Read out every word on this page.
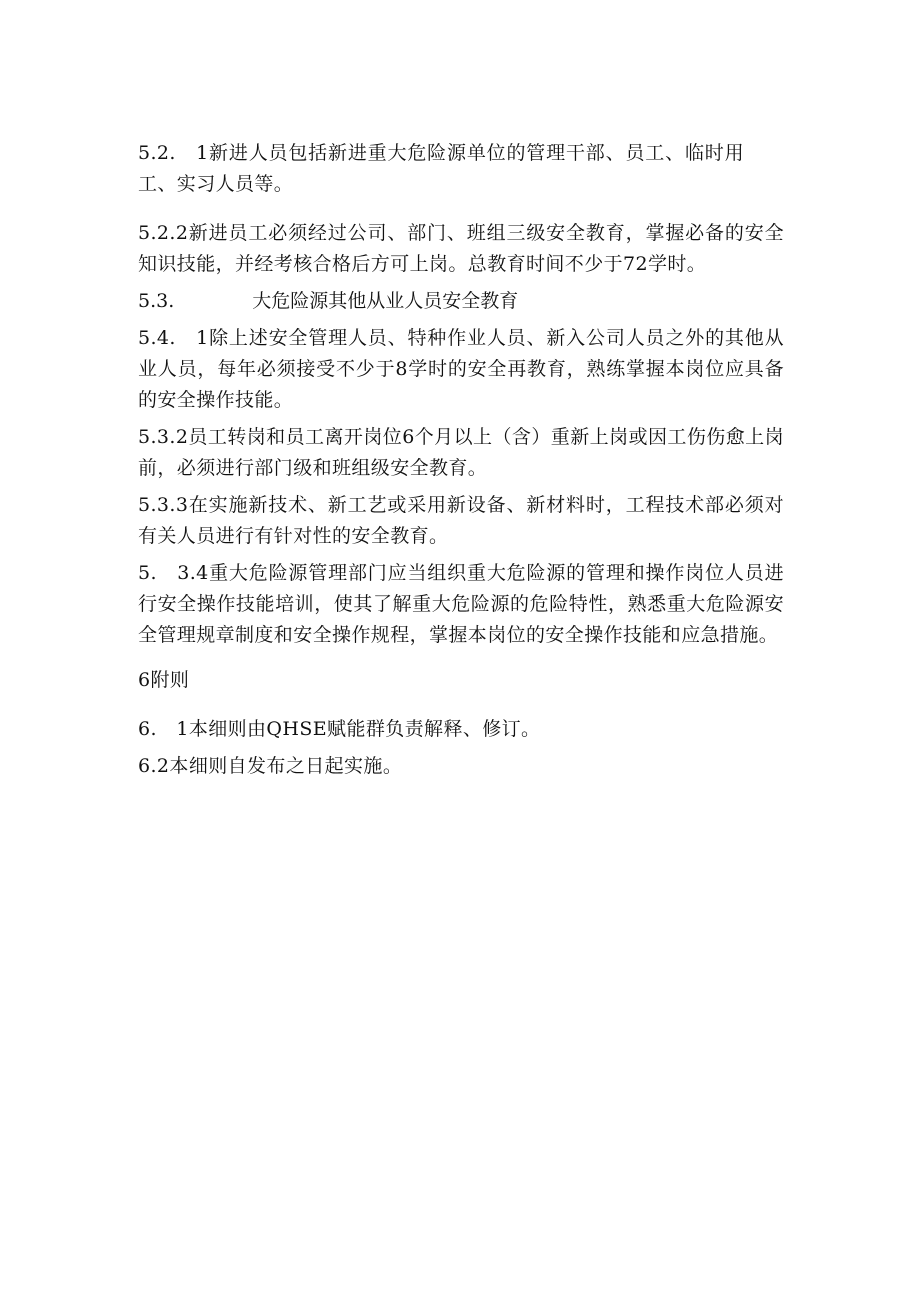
5.2.　1新进人员包括新进重大危险源单位的管理干部、员工、临时用工、实习人员等。

5.2.2新进员工必须经过公司、部门、班组三级安全教育，掌握必备的安全知识技能，并经考核合格后方可上岗。总教育时间不少于72学时。

5.3.	大危险源其他从业人员安全教育

5.4.　1除上述安全管理人员、特种作业人员、新入公司人员之外的其他从业人员，每年必须接受不少于8学时的安全再教育，熟练掌握本岗位应具备的安全操作技能。

5.3.2员工转岗和员工离开岗位6个月以上（含）重新上岗或因工伤伤愈上岗前，必须进行部门级和班组级安全教育。

5.3.3在实施新技术、新工艺或采用新设备、新材料时，工程技术部必须对有关人员进行有针对性的安全教育。

5.　3.4重大危险源管理部门应当组织重大危险源的管理和操作岗位人员进行安全操作技能培训，使其了解重大危险源的危险特性，熟悉重大危险源安全管理规章制度和安全操作规程，掌握本岗位的安全操作技能和应急措施。

6附则

6.　1本细则由QHSE赋能群负责解释、修订。

6.2本细则自发布之日起实施。
